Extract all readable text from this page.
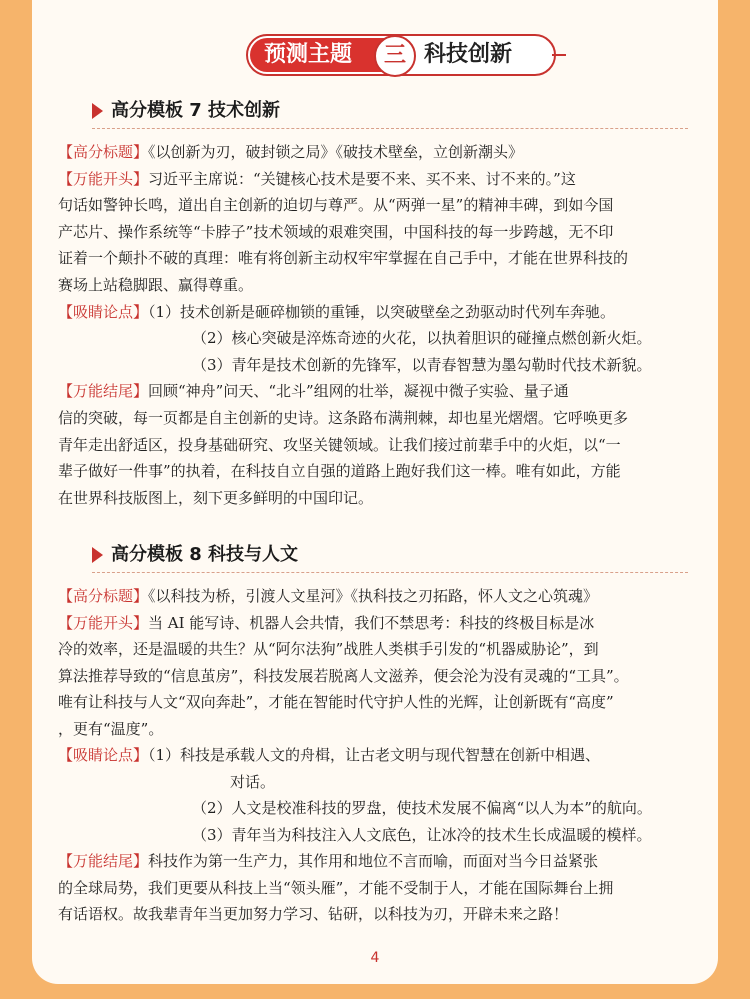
预测主题	三 科技创新
4
高分模板 7 技术创新
【高分标题】《以创新为刃，破封锁之局》《破技术壁垒，立创新潮头》
【万能开头】习近平主席说：“关键核心技术是要不来、买不来、讨不来的。”这
句话如警钟长鸣，道出自主创新的迫切与尊严。从“两弹一星”的精神丰碑，到如今国
产芯片、操作系统等“卡脖子”技术领域的艰难突围，中国科技的每一步跨越，无不印
证着一个颠扑不破的真理：唯有将创新主动权牢牢掌握在自己手中，才能在世界科技的
赛场上站稳脚跟、赢得尊重。
【吸睛论点】（1）技术创新是砸碎枷锁的重锤，以突破壁垒之劲驱动时代列车奔驰。
（2）核心突破是淬炼奇迹的火花，以执着胆识的碰撞点燃创新火炬。
（3）青年是技术创新的先锋军，以青春智慧为墨勾勒时代技术新貌。
【万能结尾】回顾“神舟”问天、“北斗”组网的壮举，凝视中微子实验、量子通
信的突破，每一页都是自主创新的史诗。这条路布满荆棘，却也星光熠熠。它呼唤更多
青年走出舒适区，投身基础研究、攻坚关键领域。让我们接过前辈手中的火炬，以“一
辈子做好一件事”的执着，在科技自立自强的道路上跑好我们这一棒。唯有如此，方能
在世界科技版图上，刻下更多鲜明的中国印记。
高分模板 8 科技与人文
【高分标题】《以科技为桥，引渡人文星河》《执科技之刃拓路，怀人文之心筑魂》
【万能开头】当 AI 能写诗、机器人会共情，我们不禁思考：科技的终极目标是冰
冷的效率，还是温暖的共生？从“阿尔法狗”战胜人类棋手引发的“机器威胁论”，到
算法推荐导致的“信息茧房”，科技发展若脱离人文滋养，便会沦为没有灵魂的“工具”。
唯有让科技与人文“双向奔赴”，才能在智能时代守护人性的光辉，让创新既有“高度”
，更有“温度”。
【吸睛论点】（1）科技是承载人文的舟楫，让古老文明与现代智慧在创新中相遇、
对话。
（2）人文是校准科技的罗盘，使技术发展不偏离“以人为本”的航向。
（3）青年当为科技注入人文底色，让冰冷的技术生长成温暖的模样。
【万能结尾】科技作为第一生产力，其作用和地位不言而喻，而面对当今日益紧张
的全球局势，我们更要从科技上当“领头雁”，才能不受制于人，才能在国际舞台上拥
有话语权。故我辈青年当更加努力学习、钻研，以科技为刃，开辟未来之路！
